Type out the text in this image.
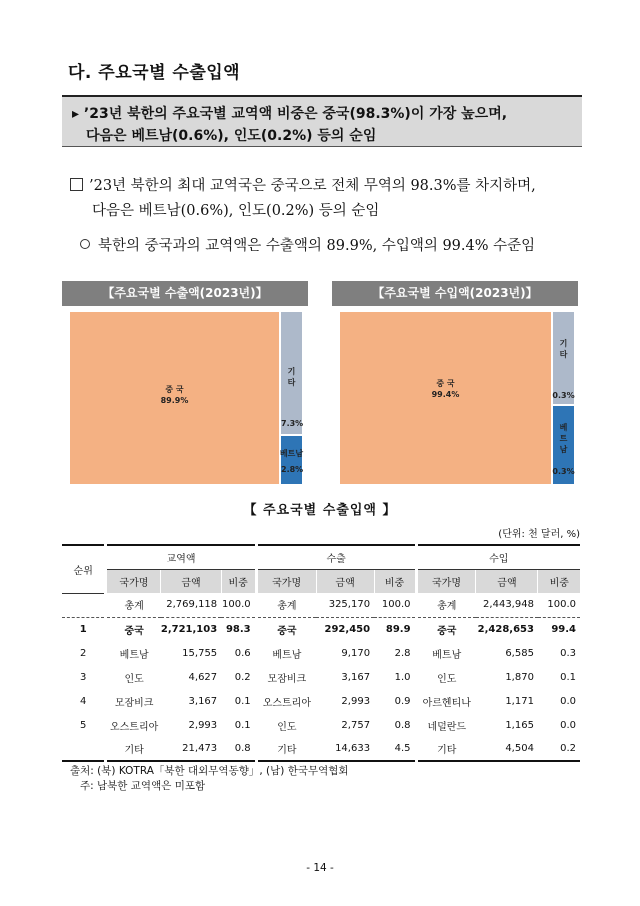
다. 주요국별 수출입액
▸ ’23년 북한의 주요국별 교역액 비중은 중국(98.3%)이 가장 높으며,
다음은 베트남(0.6%), 인도(0.2%) 등의 순임
’23년 북한의 최대 교역국은 중국으로 전체 무역의 98.3%를 차지하며,
다음은 베트남(0.6%), 인도(0.2%) 등의 순임
북한의 중국과의 교역액은 수출액의 89.9%, 수입액의 99.4% 수준임
【주요국별 수출액(2023년)】
중 국
89.9%
기
타
7.3%
베트남
2.8%
【주요국별 수입액(2023년)】
중 국
99.4%
기
타
0.3%
베
트
남
0.3%
【 주요국별 수출입액 】
(단위: 천 달러, %)
순위	교역액			수출			수입		
	국가명	금액	비중	국가명	금액	비중	국가명	금액	비중
	총계	2,769,118	100.0	총계	325,170	100.0	총계	2,443,948	100.0
1	중국	2,721,103	98.3	중국	292,450	89.9	중국	2,428,653	99.4
2	베트남	15,755	0.6	베트남	9,170	2.8	베트남	6,585	0.3
3	인도	4,627	0.2	모잠비크	3,167	1.0	인도	1,870	0.1
4	모잠비크	3,167	0.1	오스트리아	2,993	0.9	아르헨티나	1,171	0.0
5	오스트리아	2,993	0.1	인도	2,757	0.8	네덜란드	1,165	0.0
	기타	21,473	0.8	기타	14,633	4.5	기타	4,504	0.2
출처: (북) KOTRA「북한 대외무역동향」, (남) 한국무역협회
주: 남북한 교역액은 미포함
- 14 -
